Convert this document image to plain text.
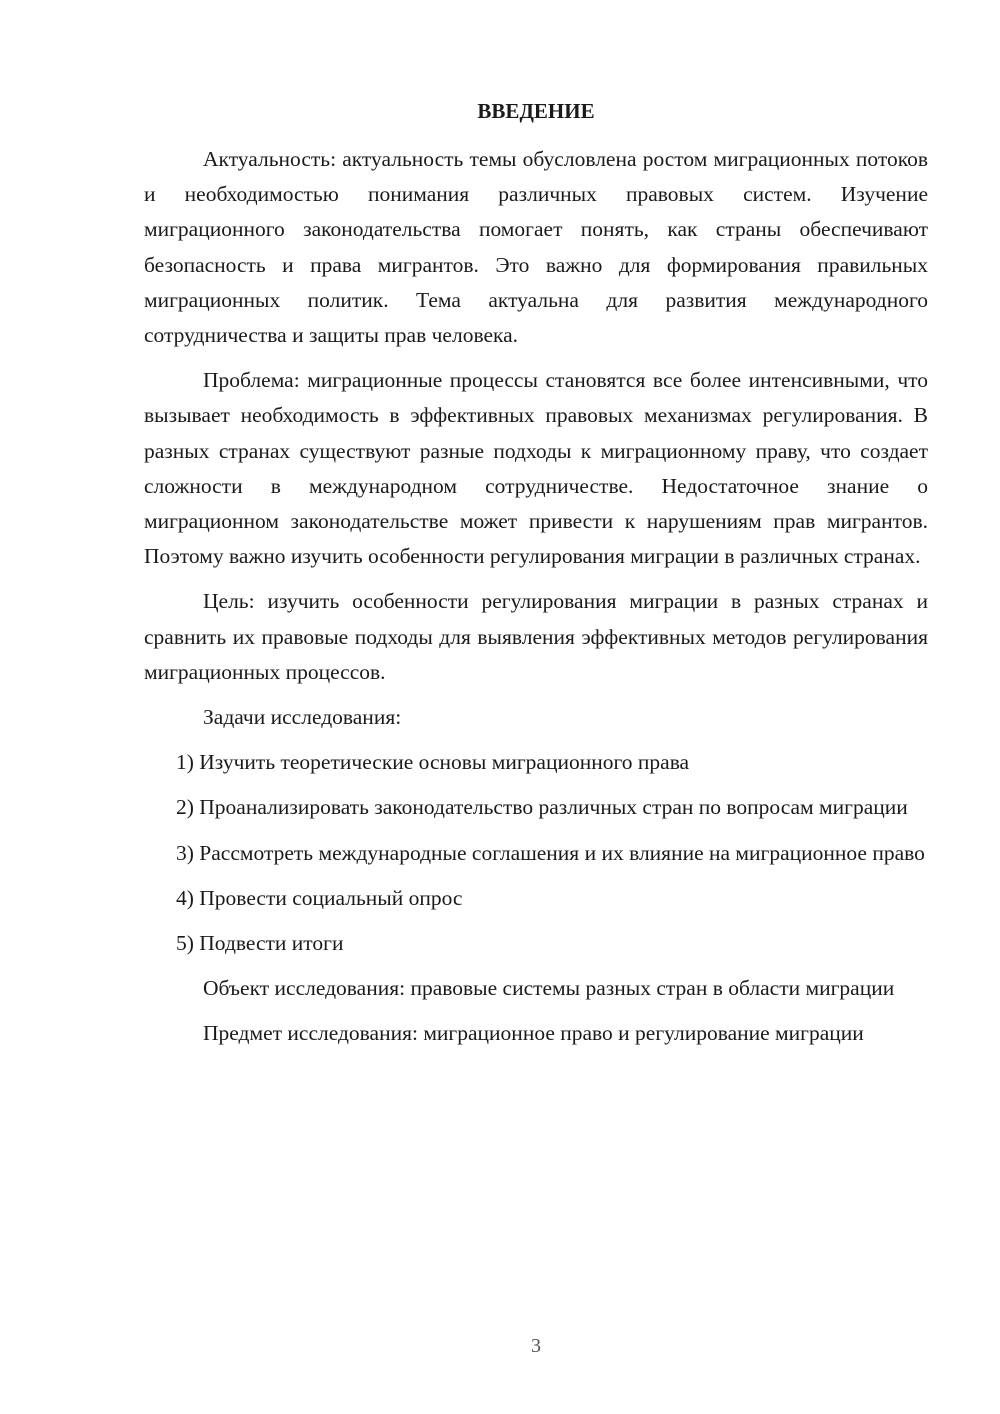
ВВЕДЕНИЕ

Актуальность: актуальность темы обусловлена ростом миграционных потоков и необходимостью понимания различных правовых систем. Изучение миграционного законодательства помогает понять, как страны обеспечивают безопасность и права мигрантов. Это важно для формирования правильных миграционных политик. Тема актуальна для развития международного сотрудничества и защиты прав человека.

Проблема: миграционные процессы становятся все более интенсивными, что вызывает необходимость в эффективных правовых механизмах регулирования. В разных странах существуют разные подходы к миграционному праву, что создает сложности в международном сотрудничестве. Недостаточное знание о миграционном законодательстве может привести к нарушениям прав мигрантов. Поэтому важно изучить особенности регулирования миграции в различных странах.

Цель: изучить особенности регулирования миграции в разных странах и сравнить их правовые подходы для выявления эффективных методов регулирования миграционных процессов.

Задачи исследования:

1) Изучить теоретические основы миграционного права

2) Проанализировать законодательство различных стран по вопросам миграции

3) Рассмотреть международные соглашения и их влияние на миграционное право

4) Провести социальный опрос

5) Подвести итоги

Объект исследования: правовые системы разных стран в области миграции

Предмет исследования: миграционное право и регулирование миграции

3
